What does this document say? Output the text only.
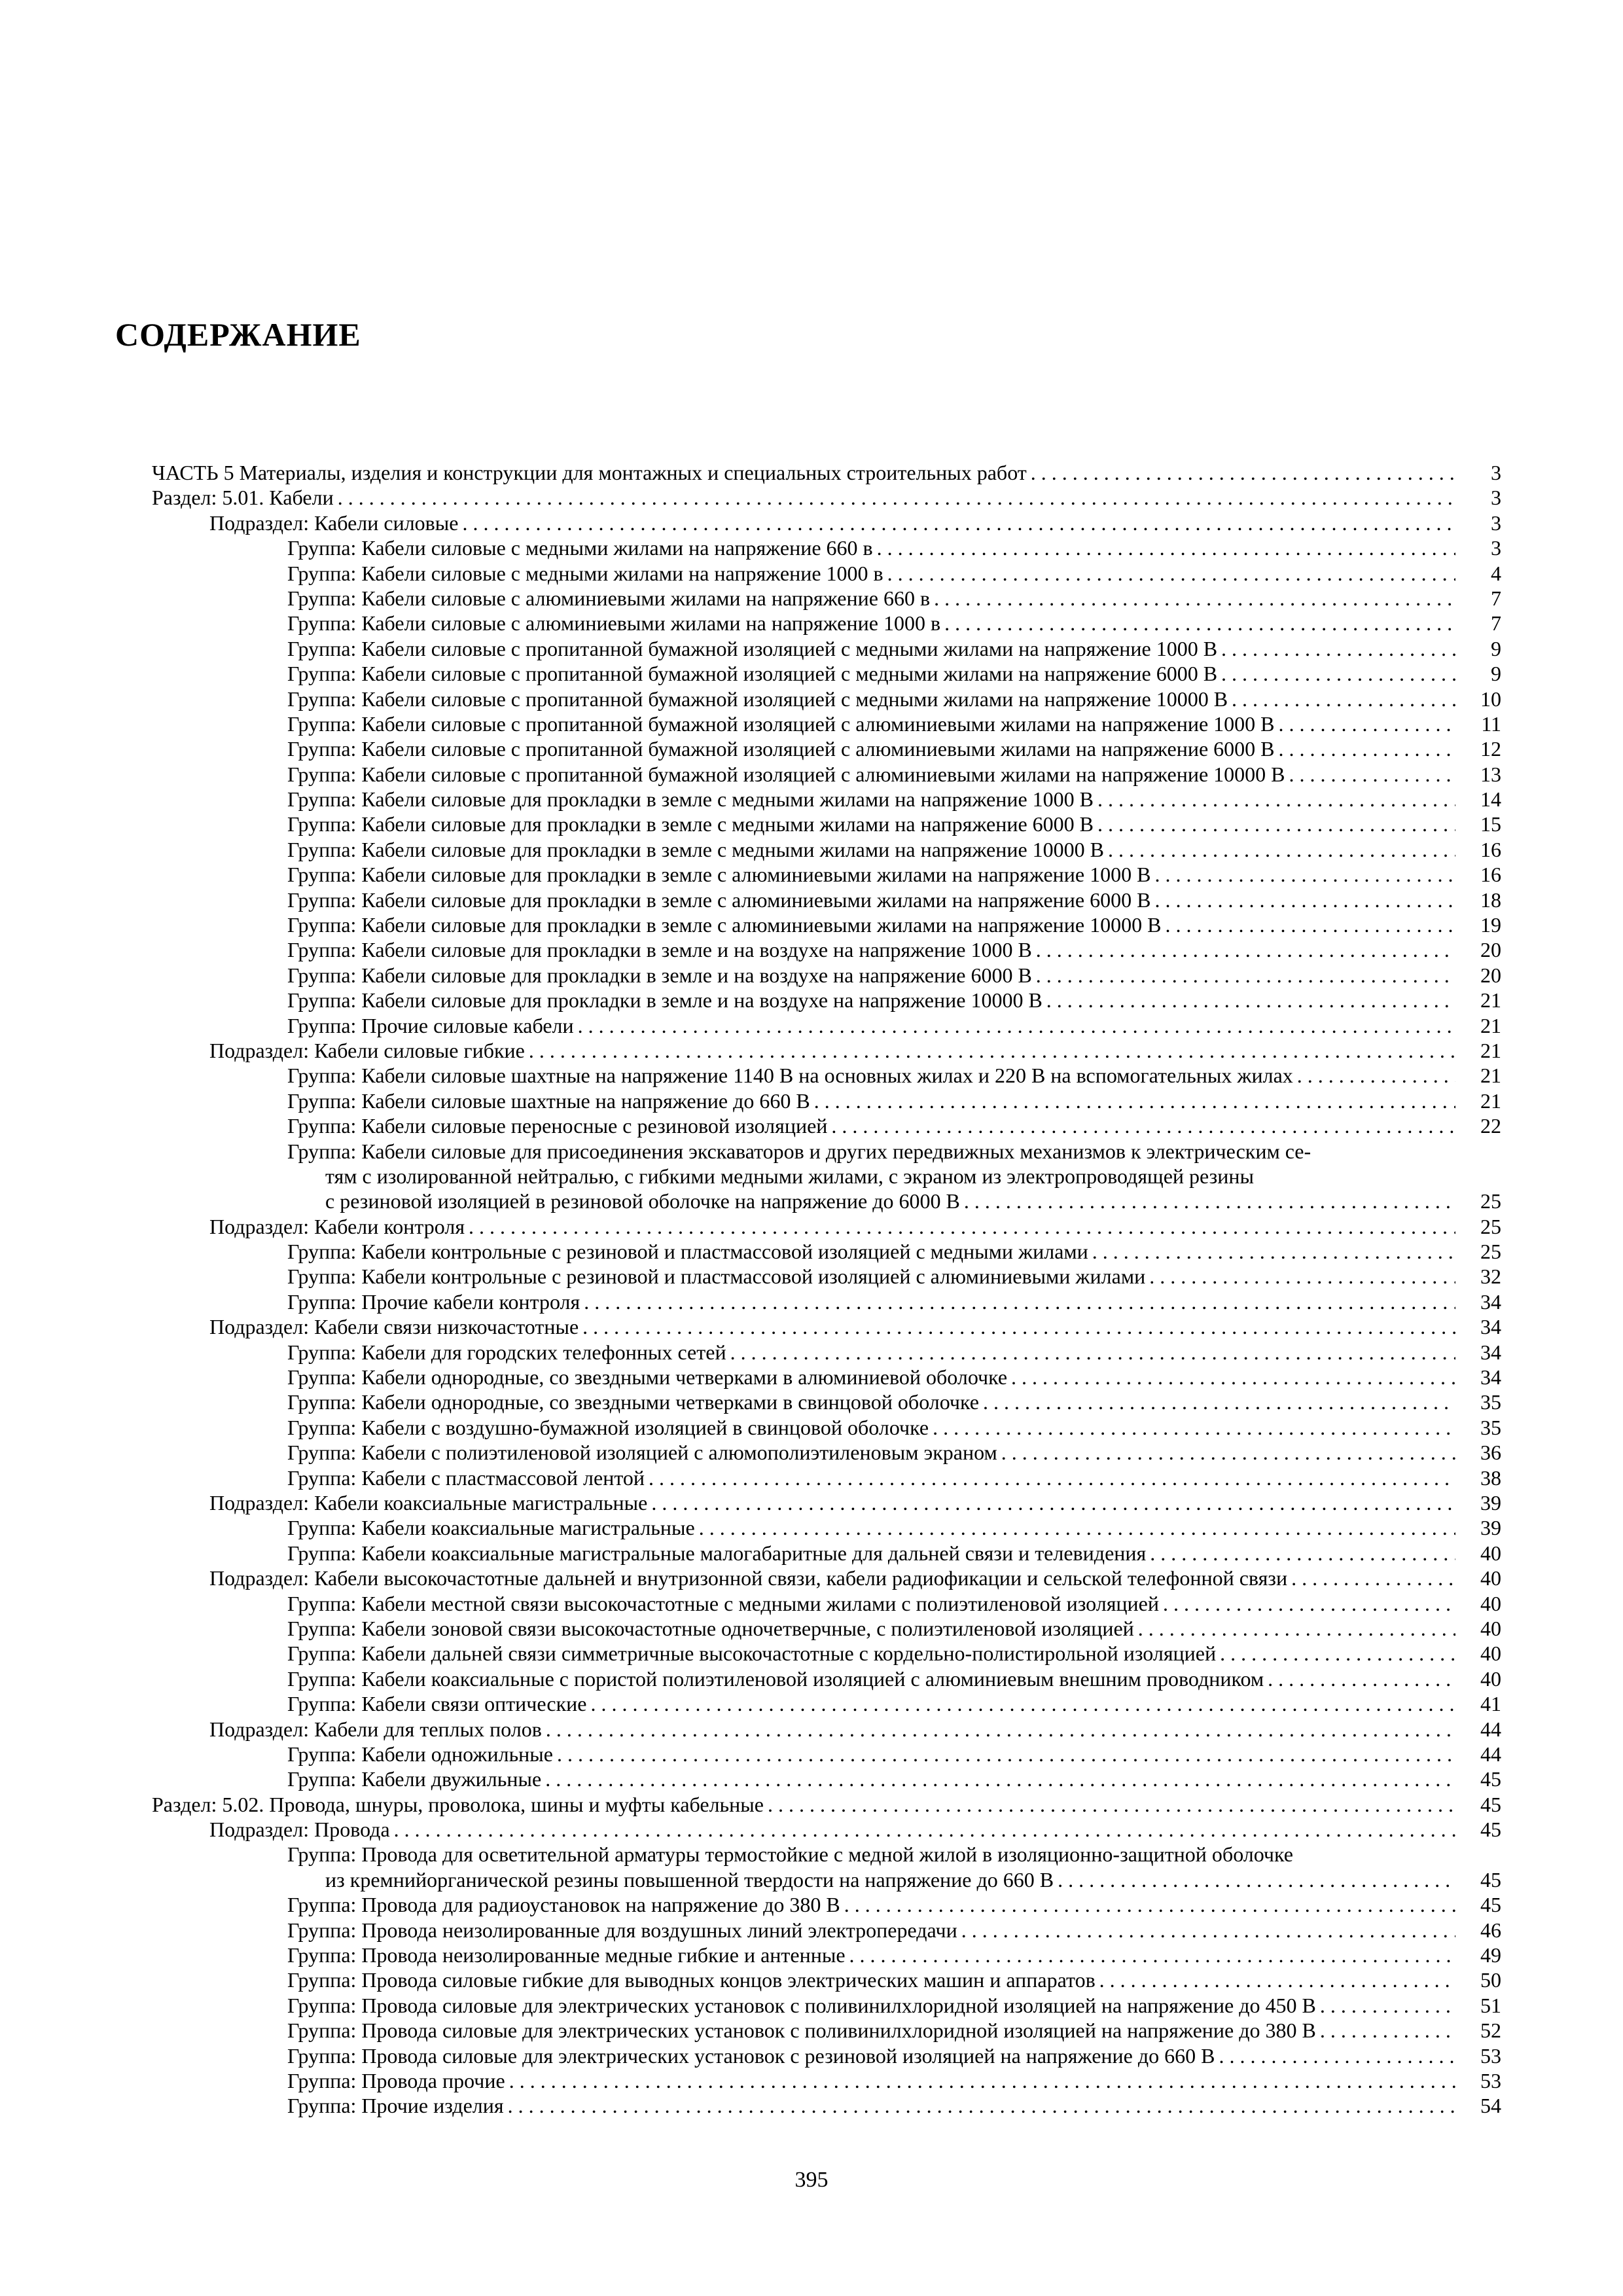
СОДЕРЖАНИЕ
ЧАСТЬ 5 Материалы, изделия и конструкции для монтажных и специальных строительных работ . . .	3
Раздел: 5.01. Кабели . . .	3
Подраздел: Кабели силовые . . .	3
Группа: Кабели силовые с медными жилами на напряжение 660 в . . .	3
Группа: Кабели силовые с медными жилами на напряжение 1000 в . . .	4
Группа: Кабели силовые с алюминиевыми жилами на напряжение 660 в . . .	7
Группа: Кабели силовые с алюминиевыми жилами на напряжение 1000 в . . .	7
Группа: Кабели силовые с пропитанной бумажной изоляцией с медными жилами на напряжение 1000 В . . .	9
Группа: Кабели силовые с пропитанной бумажной изоляцией с медными жилами на напряжение 6000 В . . .	9
Группа: Кабели силовые с пропитанной бумажной изоляцией с медными жилами на напряжение 10000 В . . .	10
Группа: Кабели силовые с пропитанной бумажной изоляцией с алюминиевыми жилами на напряжение 1000 В . . .	11
Группа: Кабели силовые с пропитанной бумажной изоляцией с алюминиевыми жилами на напряжение 6000 В . . .	12
Группа: Кабели силовые с пропитанной бумажной изоляцией с алюминиевыми жилами на напряжение 10000 В . . .	13
Группа: Кабели силовые для прокладки в земле с медными жилами на напряжение 1000 В . . .	14
Группа: Кабели силовые для прокладки в земле с медными жилами на напряжение 6000 В . . .	15
Группа: Кабели силовые для прокладки в земле с медными жилами на напряжение 10000 В . . .	16
Группа: Кабели силовые для прокладки в земле с алюминиевыми жилами на напряжение 1000 В . . .	16
Группа: Кабели силовые для прокладки в земле с алюминиевыми жилами на напряжение 6000 В . . .	18
Группа: Кабели силовые для прокладки в земле с алюминиевыми жилами на напряжение 10000 В . . .	19
Группа: Кабели силовые для прокладки в земле и на воздухе на напряжение 1000 В . . .	20
Группа: Кабели силовые для прокладки в земле и на воздухе на напряжение 6000 В . . .	20
Группа: Кабели силовые для прокладки в земле и на воздухе на напряжение 10000 В . . .	21
Группа: Прочие силовые кабели . . .	21
Подраздел: Кабели силовые гибкие . . .	21
Группа: Кабели силовые шахтные на напряжение 1140 В на основных жилах и 220 В на вспомогательных жилах . . .	21
Группа: Кабели силовые шахтные на напряжение до 660 В . . .	21
Группа: Кабели силовые переносные с резиновой изоляцией . . .	22
Группа: Кабели силовые для присоединения экскаваторов и других передвижных механизмов к электрическим се-
тям с изолированной нейтралью, с гибкими медными жилами, с экраном из электропроводящей резины
с резиновой изоляцией в резиновой оболочке на напряжение до 6000 В . . .	25
Подраздел: Кабели контроля . . .	25
Группа: Кабели контрольные с резиновой и пластмассовой изоляцией с медными жилами . . .	25
Группа: Кабели контрольные с резиновой и пластмассовой изоляцией с алюминиевыми жилами . . .	32
Группа: Прочие кабели контроля . . .	34
Подраздел: Кабели связи низкочастотные . . .	34
Группа: Кабели для городских телефонных сетей . . .	34
Группа: Кабели однородные, со звездными четверками в алюминиевой оболочке . . .	34
Группа: Кабели однородные, со звездными четверками в свинцовой оболочке . . .	35
Группа: Кабели с воздушно-бумажной изоляцией в свинцовой оболочке . . .	35
Группа: Кабели с полиэтиленовой изоляцией с алюмополиэтиленовым экраном . . .	36
Группа: Кабели с пластмассовой лентой . . .	38
Подраздел: Кабели коаксиальные магистральные . . .	39
Группа: Кабели коаксиальные магистральные . . .	39
Группа: Кабели коаксиальные магистральные малогабаритные для дальней связи и телевидения . . .	40
Подраздел: Кабели высокочастотные дальней и внутризонной связи, кабели радиофикации и сельской телефонной связи . . .	40
Группа: Кабели местной связи высокочастотные с медными жилами с полиэтиленовой изоляцией . . .	40
Группа: Кабели зоновой связи высокочастотные одночетверчные, с полиэтиленовой изоляцией . . .	40
Группа: Кабели дальней связи симметричные высокочастотные с кордельно-полистирольной изоляцией . . .	40
Группа: Кабели коаксиальные с пористой полиэтиленовой изоляцией с алюминиевым внешним проводником . . .	40
Группа: Кабели связи оптические . . .	41
Подраздел: Кабели для теплых полов . . .	44
Группа: Кабели одножильные . . .	44
Группа: Кабели двужильные . . .	45
Раздел: 5.02. Провода, шнуры, проволока, шины и муфты кабельные . . .	45
Подраздел: Провода . . .	45
Группа: Провода для осветительной арматуры термостойкие с медной жилой в изоляционно-защитной оболочке
из кремнийорганической резины повышенной твердости на напряжение до 660 В . . .	45
Группа: Провода для радиоустановок на напряжение до 380 В . . .	45
Группа: Провода неизолированные для воздушных линий электропередачи . . .	46
Группа: Провода неизолированные медные гибкие и антенные . . .	49
Группа: Провода силовые гибкие для выводных концов электрических машин и аппаратов . . .	50
Группа: Провода силовые для электрических установок с поливинилхлоридной изоляцией на напряжение до 450 В . . .	51
Группа: Провода силовые для электрических установок с поливинилхлоридной изоляцией на напряжение до 380 В . . .	52
Группа: Провода силовые для электрических установок с резиновой изоляцией на напряжение до 660 В . . .	53
Группа: Провода прочие . . .	53
Группа: Прочие изделия . . .	54
395
